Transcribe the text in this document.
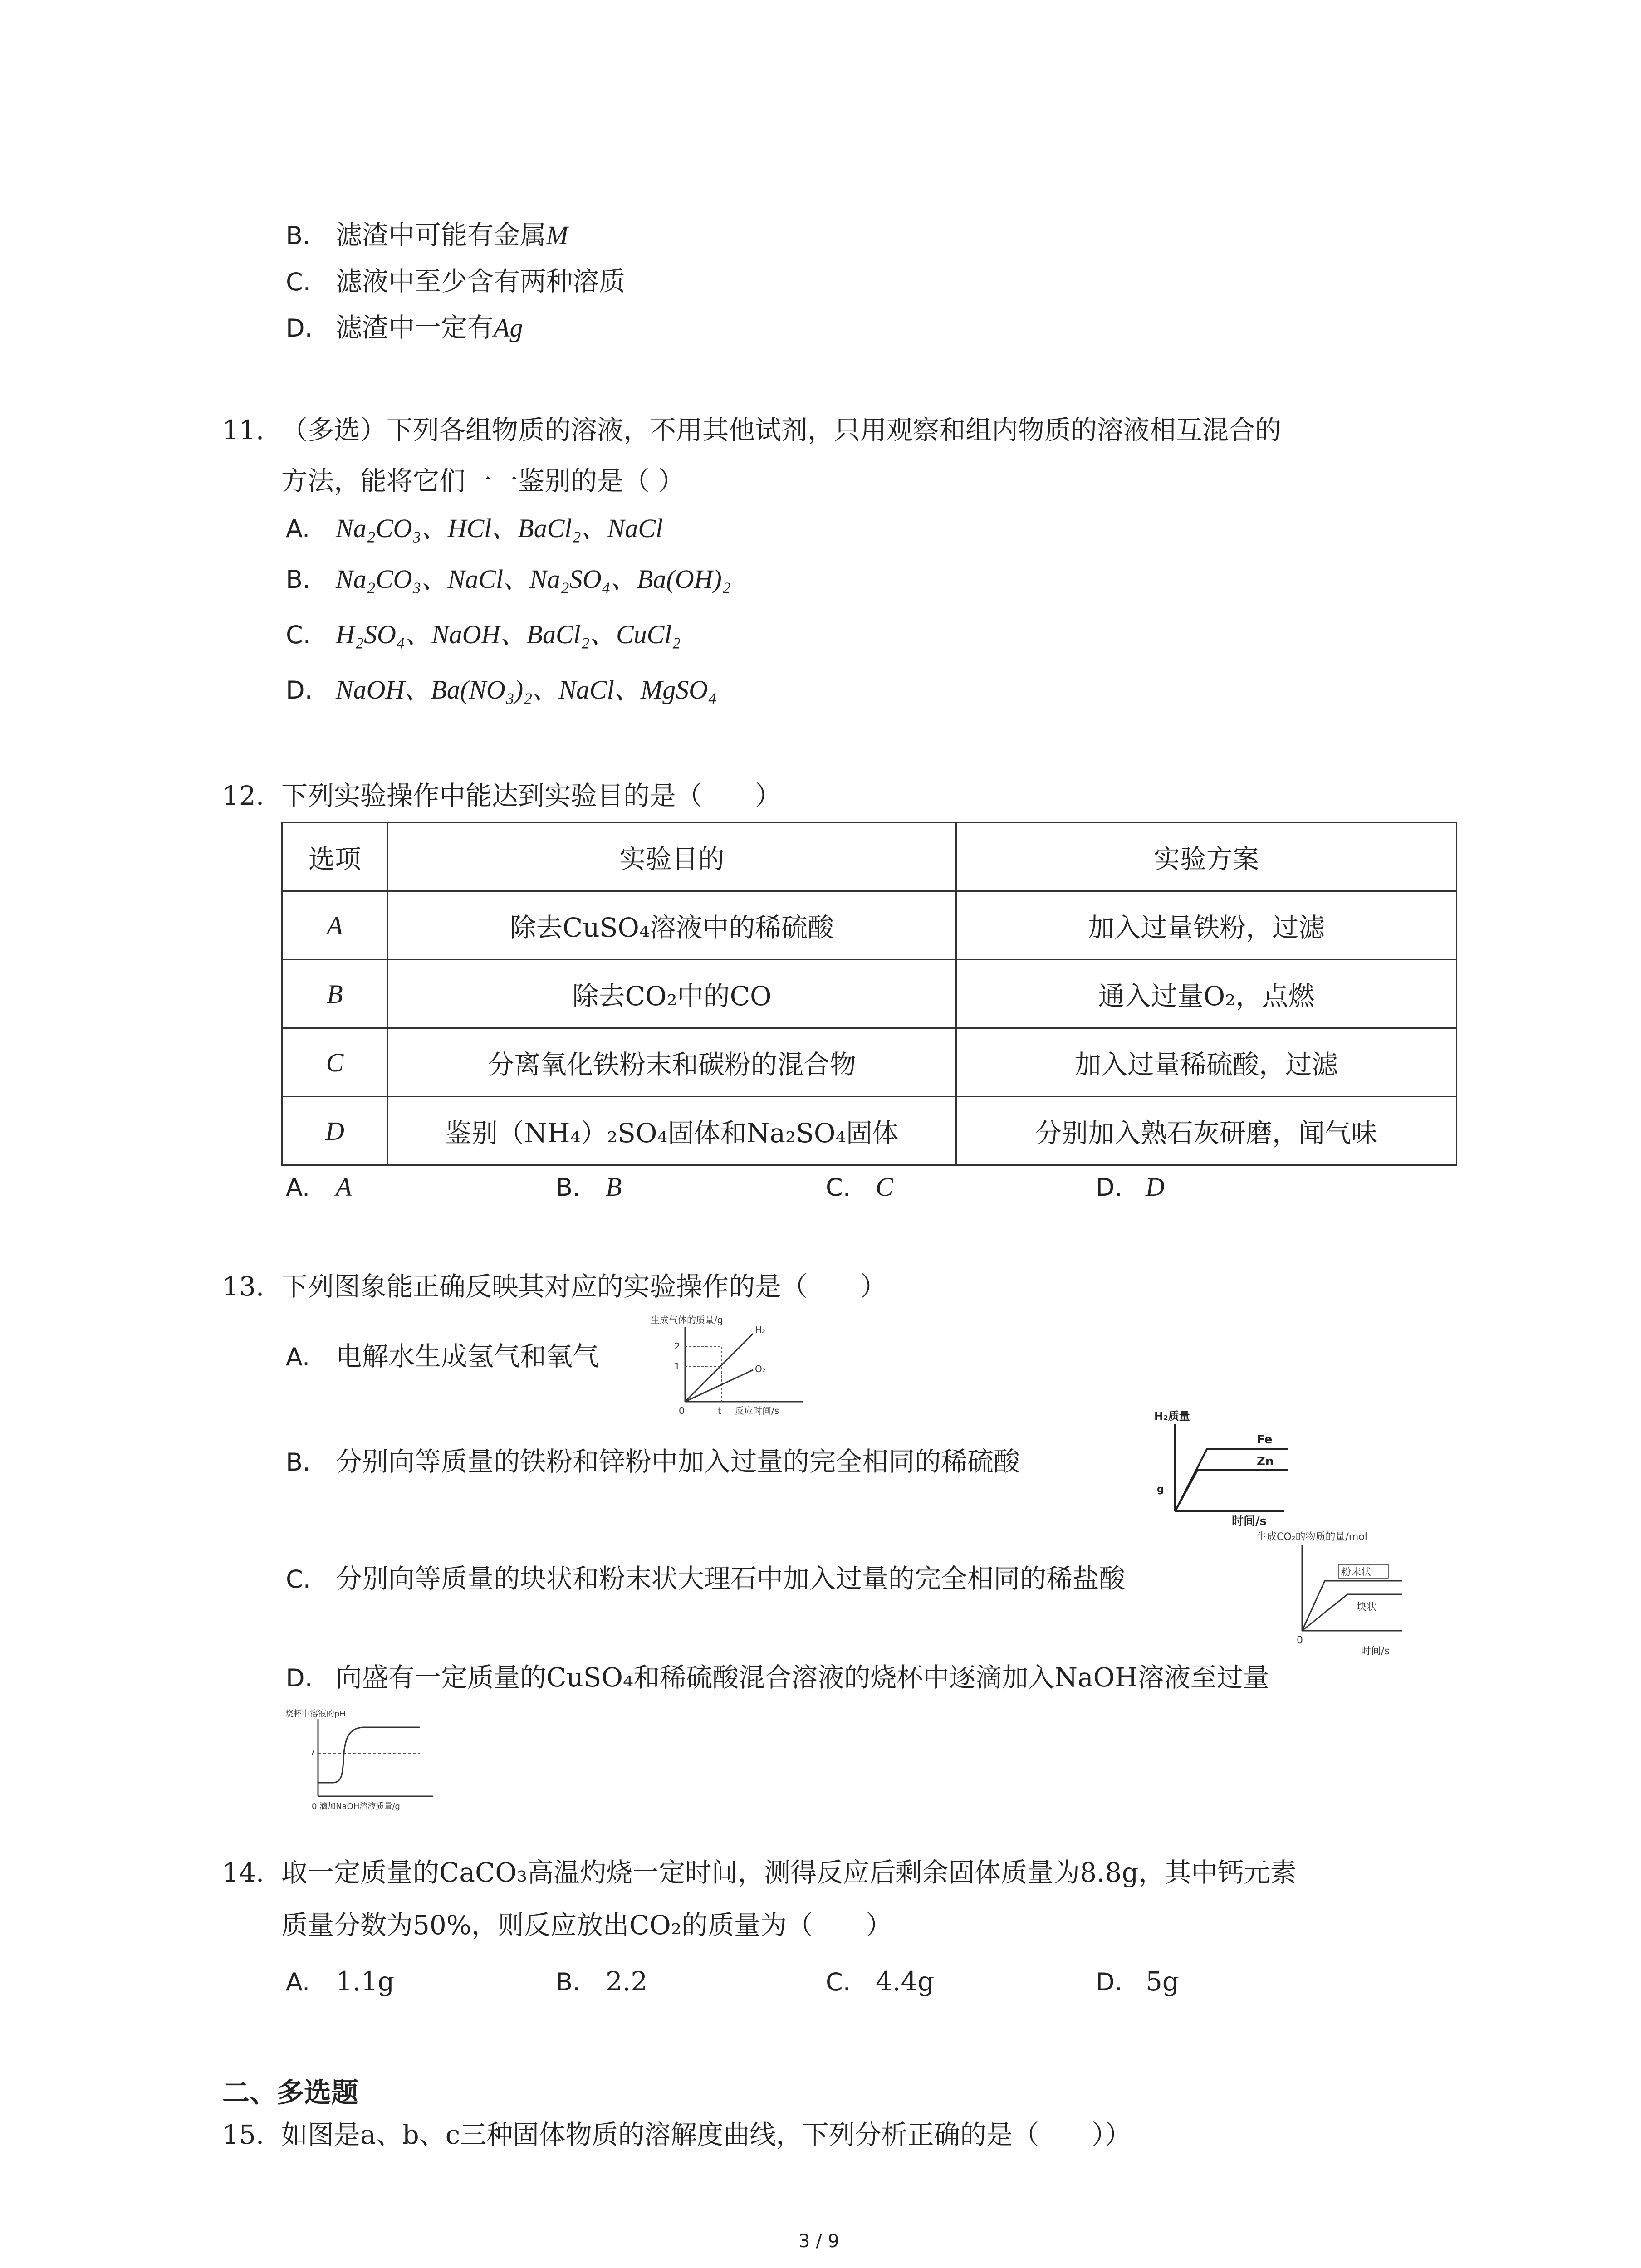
B. 滤渣中可能有金属M
C. 滤液中至少含有两种溶质
D. 滤渣中一定有Ag
11. （多选）下列各组物质的溶液，不用其他试剂，只用观察和组内物质的溶液相互混合的
方法，能将它们一一鉴别的是（ ）
A. Na₂CO₃、HCl、BaCl₂、NaCl
B. Na₂CO₃、NaCl、Na₂SO₄、Ba(OH)₂
C. H₂SO₄、NaOH、BaCl₂、CuCl₂
D. NaOH、Ba(NO₃)₂、NaCl、MgSO₄
12. 下列实验操作中能达到实验目的是（　　）
选项	实验目的	实验方案
A	除去CuSO₄溶液中的稀硫酸	加入过量铁粉，过滤
B	除去CO₂中的CO	通入过量O₂，点燃
C	分离氧化铁粉末和碳粉的混合物	加入过量稀硫酸，过滤
D	鉴别（NH₄）₂SO₄固体和Na₂SO₄固体	分别加入熟石灰研磨，闻气味
A. A	B. B	C. C	D. D
13. 下列图象能正确反映其对应的实验操作的是（　　）
A. 电解水生成氢气和氧气
生成气体的质量/g
2
1
H₂
O₂
0	t 反应时间/s
B. 分别向等质量的铁粉和锌粉中加入过量的完全相同的稀硫酸
H₂质量
g
Fe
Zn
时间/s
C. 分别向等质量的块状和粉末状大理石中加入过量的完全相同的稀盐酸
生成CO₂的物质的量/mol
粉末状
块状
0
时间/s
D. 向盛有一定质量的CuSO₄和稀硫酸混合溶液的烧杯中逐滴加入NaOH溶液至过量
烧杯中溶液的pH
7
0 滴加NaOH溶液质量/g
14. 取一定质量的CaCO₃高温灼烧一定时间，测得反应后剩余固体质量为8.8g，其中钙元素
质量分数为50%，则反应放出CO₂的质量为（　　）
A. 1.1g	B. 2.2	C. 4.4g	D. 5g
二、多选题
15. 如图是a、b、c三种固体物质的溶解度曲线，下列分析正确的是（　　））
3 / 9
